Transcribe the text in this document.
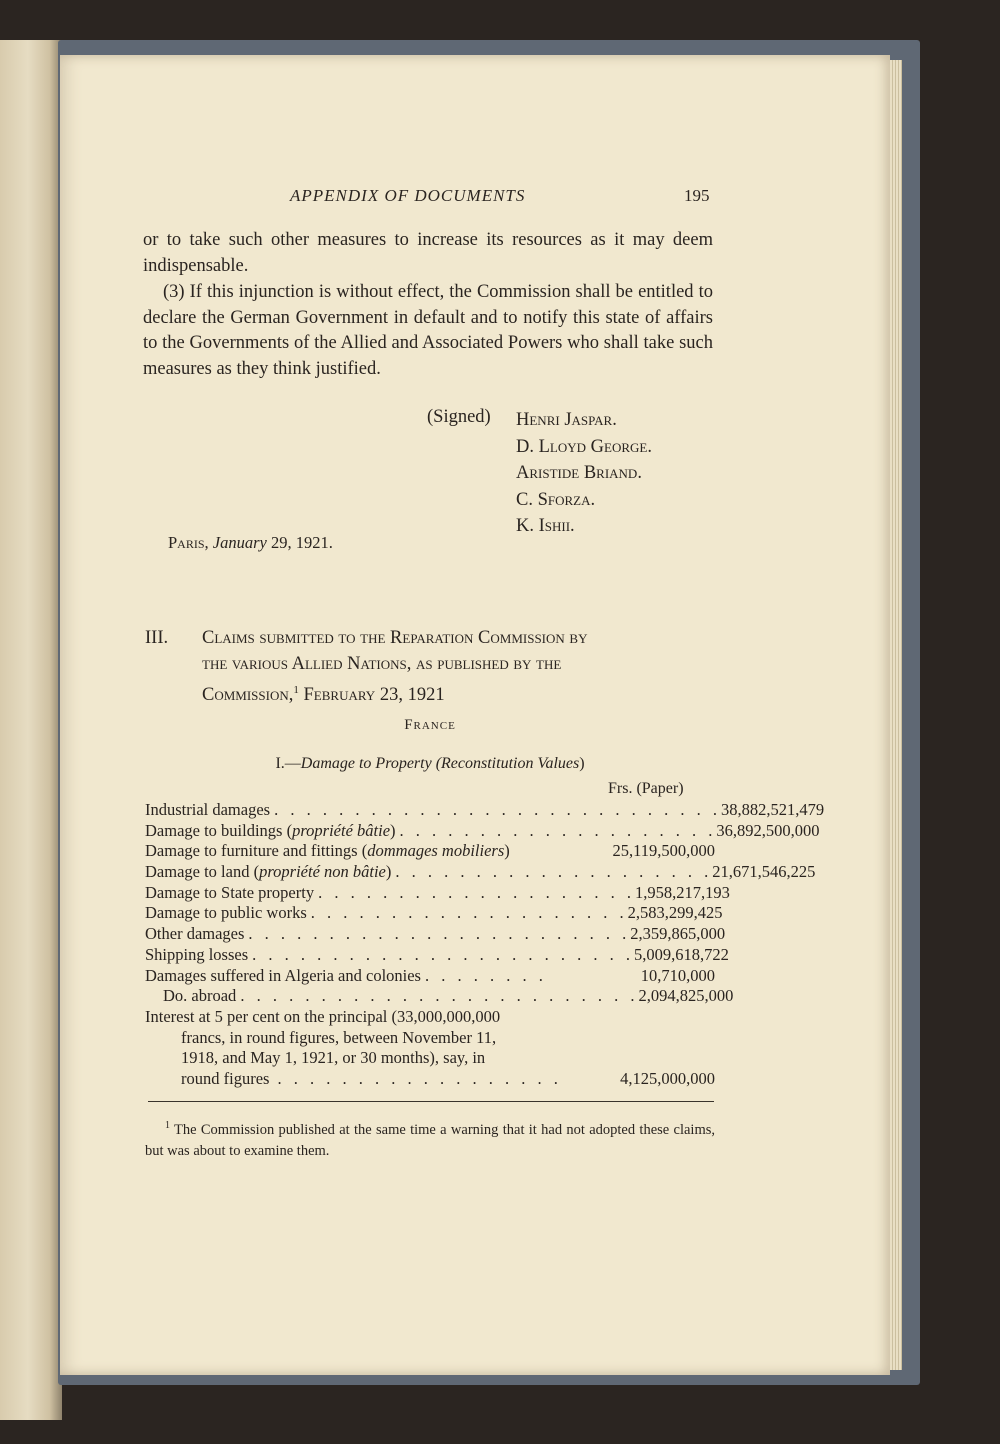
APPENDIX OF DOCUMENTS	195
or to take such other measures to increase its resources as it may deem indispensable.
(3) If this injunction is without effect, the Commission shall be entitled to declare the German Government in default and to notify this state of affairs to the Governments of the Allied and Associated Powers who shall take such measures as they think justified.
(Signed) Henri Jaspar.
D. Lloyd George.
Aristide Briand.
C. Sforza.
K. Ishii.
Paris, January 29, 1921.
III. Claims submitted to the Reparation Commission by
the various Allied Nations, as published by the
Commission,$^1$ February 23, 1921
France
I.—Damage to Property (Reconstitution Values)
Frs. (Paper)
Industrial damages . . . . . . . . . . . . . . . . . . . . . . . . . . . . 38,882,521,479
Damage to buildings ( propriété bâtie ) . . . . . . . . . . . . . . . . . . . . 36,892,500,000
Damage to furniture and fittings ( dommages mobiliers )	25,119,500,000
Damage to land ( propriété non bâtie ) . . . . . . . . . . . . . . . . . . . . 21,671,546,225
Damage to State property . . . . . . . . . . . . . . . . . . . . 1,958,217,193
Damage to public works . . . . . . . . . . . . . . . . . . . . 2,583,299,425
Other damages . . . . . . . . . . . . . . . . . . . . . . . . 2,359,865,000
Shipping losses . . . . . . . . . . . . . . . . . . . . . . . . 5,009,618,722
Damages suffered in Algeria and colonies . . . . . . . .	10,710,000
Do. abroad . . . . . . . . . . . . . . . . . . . . . . . . . 2,094,825,000
Interest at 5 per cent on the principal (33,000,000,000
francs, in round figures, between November 11,
1918, and May 1, 1921, or 30 months), say, in
round figures . . . . . . . . . . . . . . . . . .	4,125,000,000
$^1$ The Commission published at the same time a warning that it had not adopted these claims, but was about to examine them.
